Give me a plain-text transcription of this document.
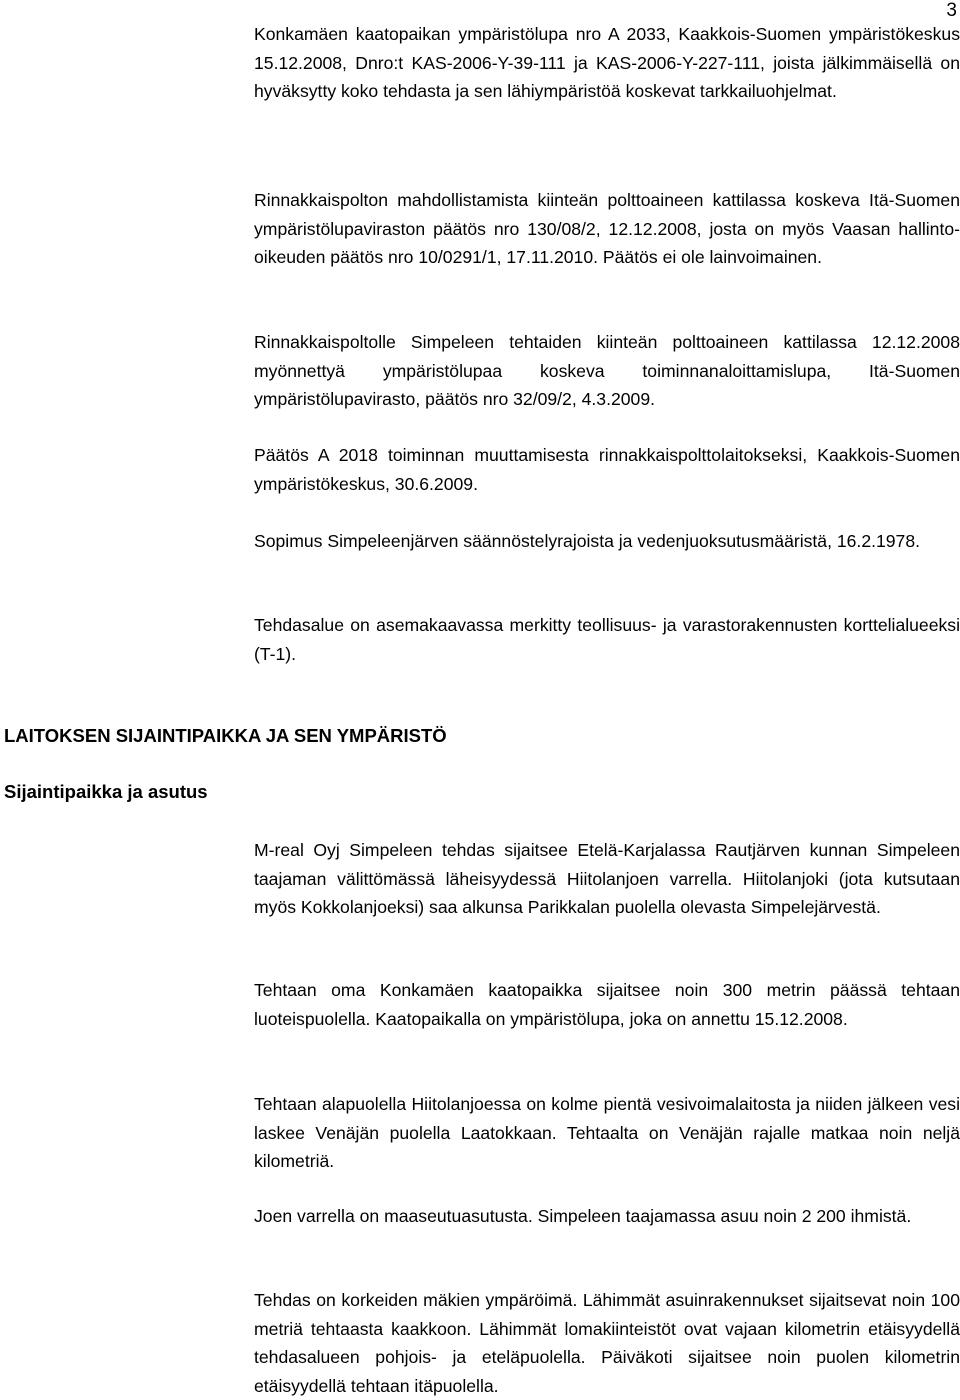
3

Konkamäen kaatopaikan ympäristölupa nro A 2033, Kaakkois-Suomen ympäristökeskus 15.12.2008, Dnro:t KAS-2006-Y-39-111 ja KAS-2006-Y-227-111, joista jälkimmäisellä on hyväksytty koko tehdasta ja sen lähiympäristöä koskevat tarkkailuohjelmat.

Rinnakkaispolton mahdollistamista kiinteän polttoaineen kattilassa koskeva Itä-Suomen ympäristölupaviraston päätös nro 130/08/2, 12.12.2008, josta on myös Vaasan hallinto-oikeuden päätös nro 10/0291/1, 17.11.2010. Päätös ei ole lainvoimainen.

Rinnakkaispoltolle Simpeleen tehtaiden kiinteän polttoaineen kattilassa 12.12.2008 myönnettyä ympäristölupaa koskeva toiminnanaloittamislupa, Itä-Suomen ympäristölupavirasto, päätös nro 32/09/2, 4.3.2009.

Päätös A 2018 toiminnan muuttamisesta rinnakkaispolttolaitokseksi, Kaakkois-Suomen ympäristökeskus, 30.6.2009.

Sopimus Simpeleenjärven säännöstelyrajoista ja vedenjuoksutusmääristä, 16.2.1978.

Tehdasalue on asemakaavassa merkitty teollisuus- ja varastorakennusten korttelialueeksi (T-1).

LAITOKSEN SIJAINTIPAIKKA JA SEN YMPÄRISTÖ
Sijaintipaikka ja asutus

M-real Oyj Simpeleen tehdas sijaitsee Etelä-Karjalassa Rautjärven kunnan Simpeleen taajaman välittömässä läheisyydessä Hiitolanjoen varrella. Hiitolanjoki (jota kutsutaan myös Kokkolanjoeksi) saa alkunsa Parikkalan puolella olevasta Simpelejärvestä.

Tehtaan oma Konkamäen kaatopaikka sijaitsee noin 300 metrin päässä tehtaan luoteispuolella. Kaatopaikalla on ympäristölupa, joka on annettu 15.12.2008.

Tehtaan alapuolella Hiitolanjoessa on kolme pientä vesivoimalaitosta ja niiden jälkeen vesi laskee Venäjän puolella Laatokkaan. Tehtaalta on Venäjän rajalle matkaa noin neljä kilometriä.

Joen varrella on maaseutuasutusta. Simpeleen taajamassa asuu noin 2 200 ihmistä.

Tehdas on korkeiden mäkien ympäröimä. Lähimmät asuinrakennukset sijaitsevat noin 100 metriä tehtaasta kaakkoon. Lähimmät lomakiinteistöt ovat vajaan kilometrin etäisyydellä tehdasalueen pohjois- ja eteläpuolella. Päiväkoti sijaitsee noin puolen kilometrin etäisyydellä tehtaan itäpuolella.
